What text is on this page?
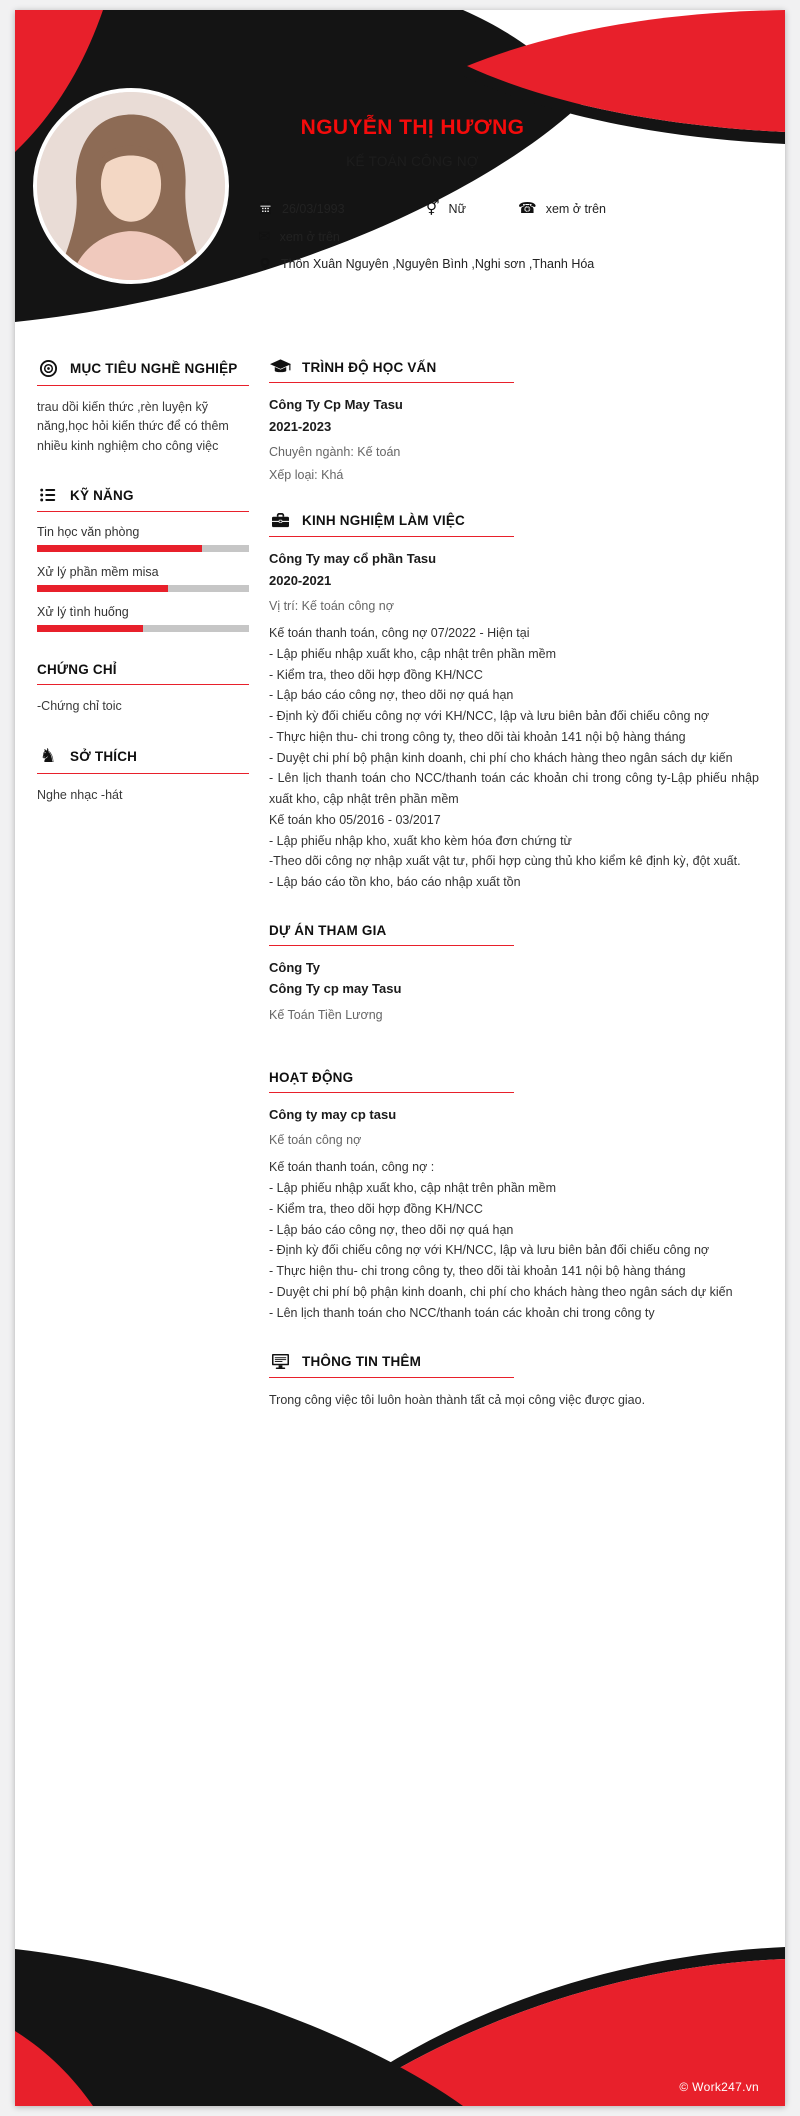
NGUYỄN THỊ HƯƠNG
KẾ TOÁN CÔNG NỢ
26/03/1993	⚥ Nữ	☎ xem ở trên
✉ xem ở trên
Thôn Xuân Nguyên ,Nguyên Bình ,Nghi sơn ,Thanh Hóa
MỤC TIÊU NGHỀ NGHIỆP

trau dồi kiến thức ,rèn luyện kỹ năng,học hỏi kiến thức để có thêm nhiều kinh nghiệm cho công việc

KỸ NĂNG
Tin học văn phòng
Xử lý phần mềm misa
Xử lý tình huống
CHỨNG CHỈ

-Chứng chỉ toic

♞ SỞ THÍCH

Nghe nhạc -hát

TRÌNH ĐỘ HỌC VẤN
Công Ty Cp May Tasu
2021-2023
Chuyên ngành: Kế toán
Xếp loại: Khá
KINH NGHIỆM LÀM VIỆC
Công Ty may cổ phần Tasu
2020-2021
Vị trí: Kế toán công nợ
Kế toán thanh toán, công nợ 07/2022 - Hiện tại
- Lập phiếu nhập xuất kho, cập nhật trên phần mềm
- Kiểm tra, theo dõi hợp đồng KH/NCC
- Lập báo cáo công nợ, theo dõi nợ quá hạn
- Định kỳ đối chiếu công nợ với KH/NCC, lập và lưu biên bản đối chiếu công nợ
- Thực hiện thu- chi trong công ty, theo dõi tài khoản 141 nội bộ hàng tháng
- Duyệt chi phí bộ phận kinh doanh, chi phí cho khách hàng theo ngân sách dự kiến
- Lên lịch thanh toán cho NCC/thanh toán các khoản chi trong công ty-Lập phiếu nhập xuất kho, cập nhật trên phần mềm
Kế toán kho 05/2016 - 03/2017
- Lập phiếu nhập kho, xuất kho kèm hóa đơn chứng từ
-Theo dõi công nợ nhập xuất vật tư, phối hợp cùng thủ kho kiểm kê định kỳ, đột xuất.
- Lập báo cáo tồn kho, báo cáo nhập xuất tồn
DỰ ÁN THAM GIA
Công Ty
Công Ty cp may Tasu
Kế Toán Tiền Lương
HOẠT ĐỘNG
Công ty may cp tasu
Kế toán công nợ
Kế toán thanh toán, công nợ :
- Lập phiếu nhập xuất kho, cập nhật trên phần mềm
- Kiểm tra, theo dõi hợp đồng KH/NCC
- Lập báo cáo công nợ, theo dõi nợ quá hạn
- Định kỳ đối chiếu công nợ với KH/NCC, lập và lưu biên bản đối chiếu công nợ
- Thực hiện thu- chi trong công ty, theo dõi tài khoản 141 nội bộ hàng tháng
- Duyệt chi phí bộ phận kinh doanh, chi phí cho khách hàng theo ngân sách dự kiến
- Lên lịch thanh toán cho NCC/thanh toán các khoản chi trong công ty
THÔNG TIN THÊM

Trong công việc tôi luôn hoàn thành tất cả mọi công việc được giao.

© Work247.vn
